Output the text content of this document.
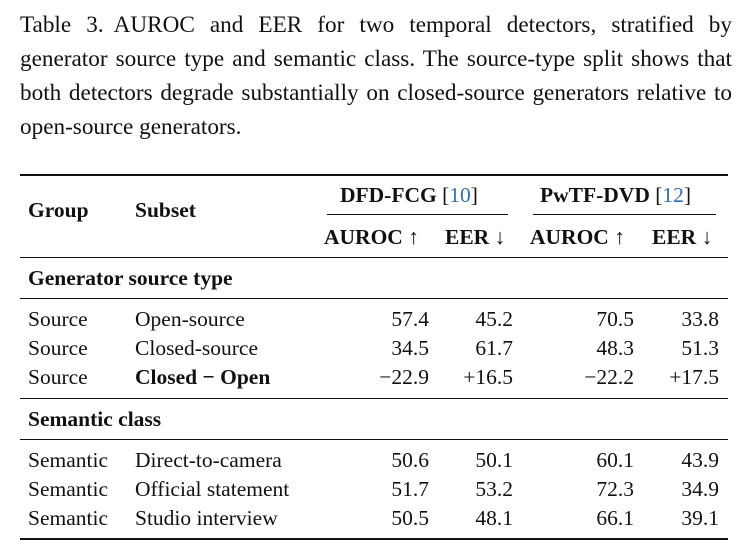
Table 3. AUROC and EER for two temporal detectors, stratified by generator source type and semantic class. The source-type split shows that both detectors degrade substantially on closed-source generators relative to open-source generators.
Group Subset
DFD-FCG [10]	PwTF-DVD [12]
AUROC ↑ EER ↓ AUROC ↑ EER ↓
Generator source type
Source Open-source	57.4	45.2	70.5	33.8
Source Closed-source	34.5	61.7	48.3	51.3
Source Closed − Open	−22.9	+16.5	−22.2	+17.5
Semantic class
Semantic Direct-to-camera	50.6	50.1	60.1	43.9
Semantic Official statement	51.7	53.2	72.3	34.9
Semantic Studio interview	50.5	48.1	66.1	39.1
